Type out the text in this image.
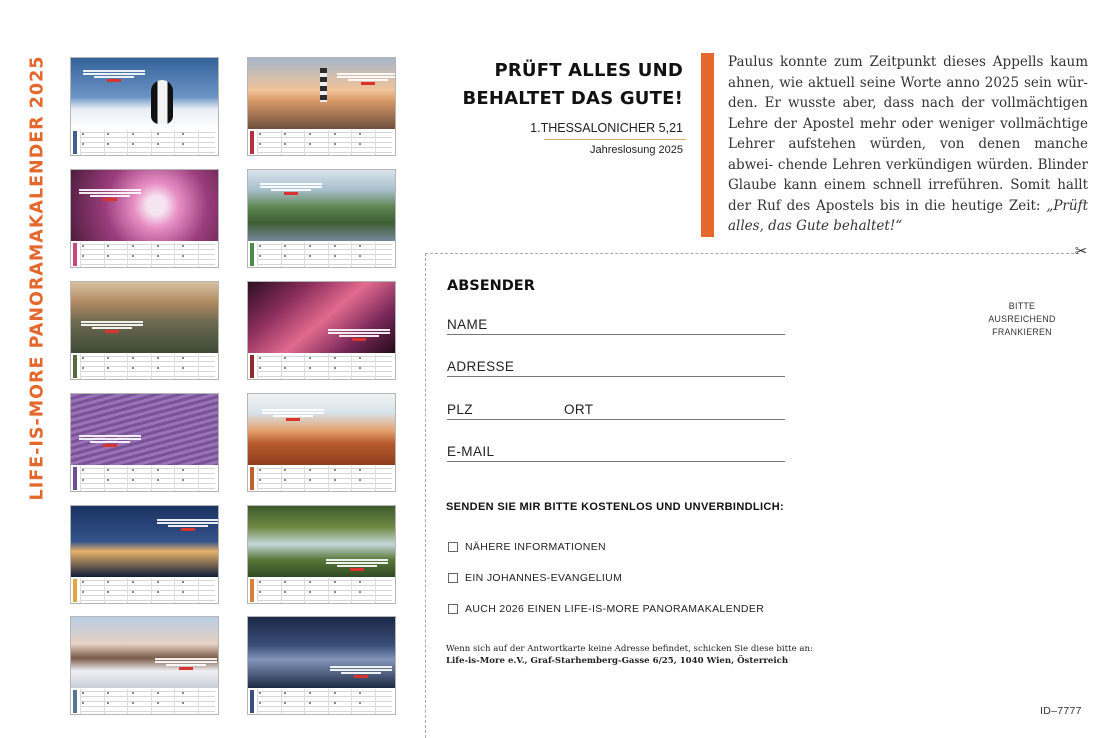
LIFE-IS-MORE PANORAMAKALENDER 2025	PRÜFT ALLES UND
BEHALTET DAS GUTE!
1.THESSALONICHER 5,21
Jahreslosung 2025
Paulus konnte zum Zeitpunkt dieses Appells kaum ahnen, wie aktuell seine Worte anno 2025 sein wür- den. Er wusste aber, dass nach der vollmächtigen Lehre der Apostel mehr oder weniger vollmächtige Lehrer aufstehen würden, von denen manche abwei- chende Lehren verkündigen würden. Blinder Glaube kann einem schnell irreführen. Somit hallt der Ruf des Apostels bis in die heutige Zeit: „Prüft alles, das Gute behaltet!“
✂
ABSENDER
NAME
ADRESSE
PLZ	ORT
E-MAIL
BITTE
AUSREICHEND
FRANKIEREN
SENDEN SIE MIR BITTE KOSTENLOS UND UNVERBINDLICH:
NÄHERE INFORMATIONEN
EIN JOHANNES-EVANGELIUM
AUCH 2026 EINEN LIFE-IS-MORE PANORAMAKALENDER
Wenn sich auf der Antwortkarte keine Adresse befindet, schicken Sie diese bitte an:
Life-is-More e.V., Graf-Starhemberg-Gasse 6/25, 1040 Wien, Österreich
ID–7777
